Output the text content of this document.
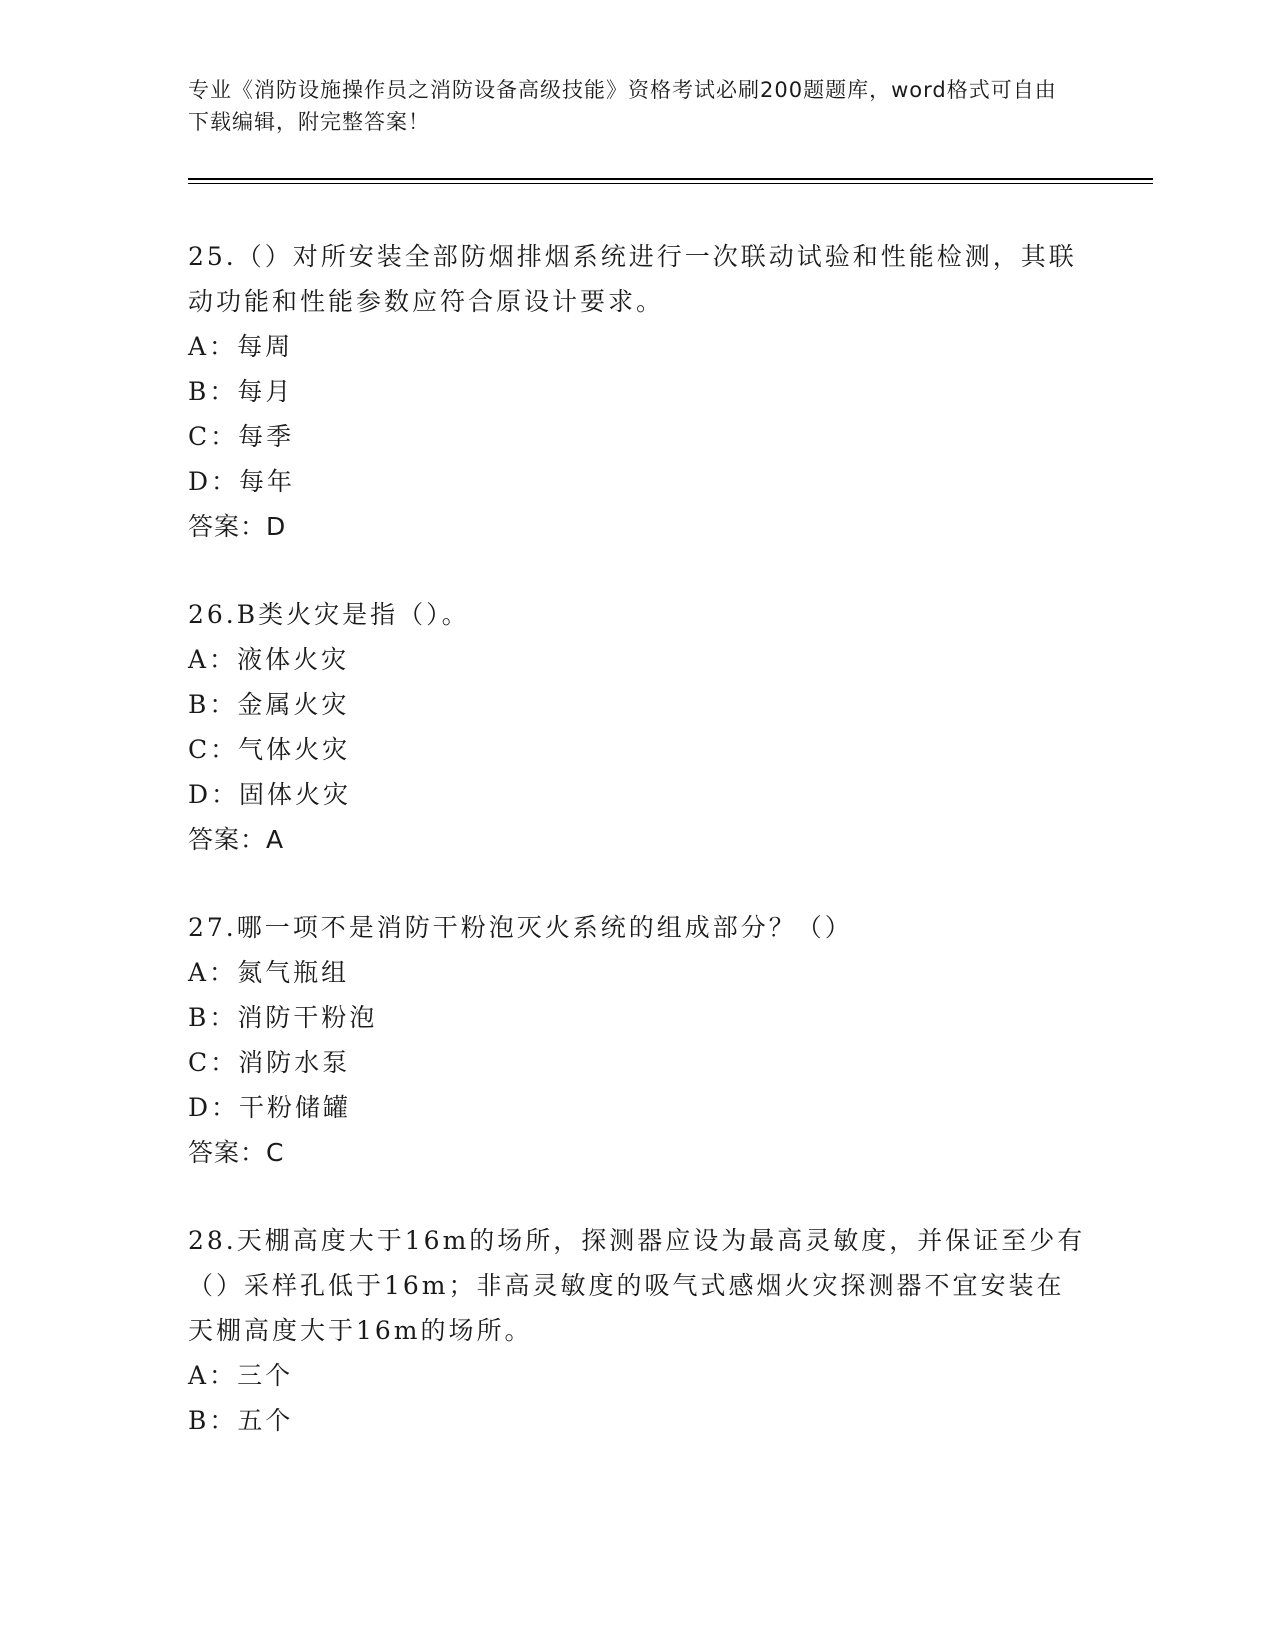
专业《消防设施操作员之消防设备高级技能》资格考试必刷200题题库，word格式可自由下载编辑，附完整答案！

25.（）对所安装全部防烟排烟系统进行一次联动试验和性能检测，其联动功能和性能参数应符合原设计要求。

A：每周
B：每月
C：每季
D：每年

答案：D

26.B类火灾是指（）。

A：液体火灾
B：金属火灾
C：气体火灾
D：固体火灾

答案：A

27.哪一项不是消防干粉泡灭火系统的组成部分？（）

A：氮气瓶组
B：消防干粉泡
C：消防水泵
D：干粉储罐

答案：C

28.天棚高度大于16m的场所，探测器应设为最高灵敏度，并保证至少有（）采样孔低于16m；非高灵敏度的吸气式感烟火灾探测器不宜安装在天棚高度大于16m的场所。

A：三个
B：五个
